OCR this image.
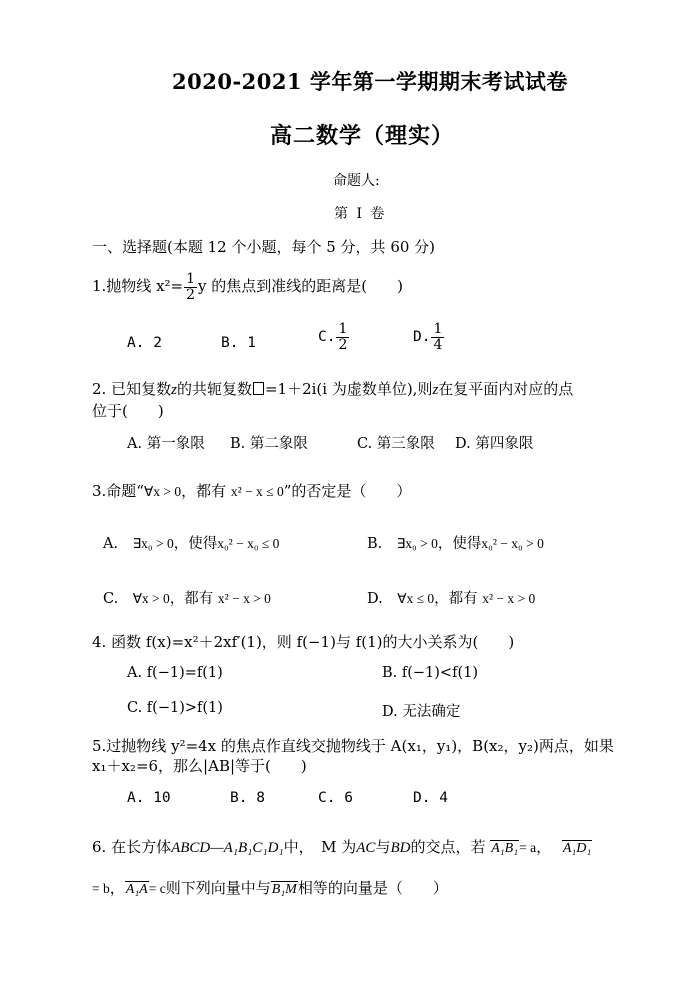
2020-2021 学年第一学期期末考试试卷
高二数学（理实）
命题人:
第 I 卷
一、选择题(本题 12 个小题，每个 5 分，共 60 分)
1.抛物线 $x^2= \frac{1}{2}$ y 的焦点到准线的距离是(　　)
A. 2	B. 1	C. $\frac{1}{2}$	D. $\frac{1}{4}$
2. 已知复数z的共轭复数 =1＋2i(i 为虚数单位),则z在复平面内对应的点
位于(　　)
A. 第一象限 B. 第二象限	C. 第三象限 D. 第四象限
3.命题“∀x > 0，都有 x² − x ≤ 0”的否定是（　　）
A.　 ∃x₀ > 0，使得x₀² − x₀ ≤ 0	B.　 ∃x₀ > 0，使得x₀² − x₀ > 0
C.　 ∀x > 0，都有 x² − x > 0	D.　 ∀x ≤ 0，都有 x² − x > 0
4. 函数 f(x)=x²＋2xf′(1)，则 f(−1)与 f(1)的大小关系为(　　)
A. f(−1)=f(1)	B. f(−1)<f(1)
C. f(−1)>f(1)	D. 无法确定
5.过抛物线 y²=4x 的焦点作直线交抛物线于 A(x₁，y₁)，B(x₂，y₂)两点，如果
x₁＋x₂=6，那么|AB|等于(　　)
A. 10	B. 8	C. 6	D. 4
6. 在长方体ABCD—A₁B₁C₁D₁中，　M 为AC与BD的交点，若 A₁B₁= a， A₁D₁
= b，A₁A= c则下列向量中与B₁M相等的向量是（　　）
